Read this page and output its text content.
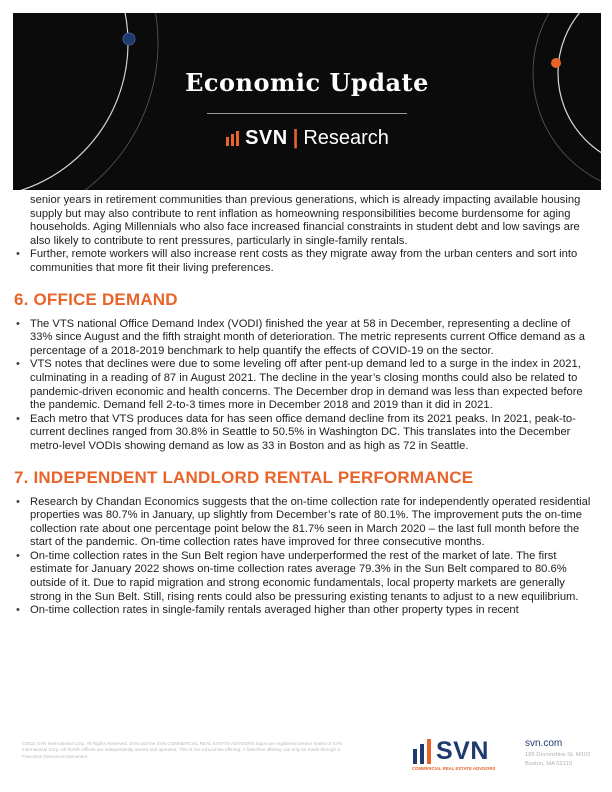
Economic Update
SVN | Research

senior years in retirement communities than previous generations, which is already impacting available housing supply but may also contribute to rent inflation as homeowning responsibilities become burdensome for aging households. Aging Millennials who also face increased financial constraints in student debt and low savings are also likely to contribute to rent pressures, particularly in single-family rentals.

• Further, remote workers will also increase rent costs as they migrate away from the urban centers and sort into communities that more fit their living preferences.
6. OFFICE DEMAND
• The VTS national Office Demand Index (VODI) finished the year at 58 in December, representing a decline of 33% since August and the fifth straight month of deterioration. The metric represents current Office demand as a percentage of a 2018-2019 benchmark to help quantify the effects of COVID-19 on the sector.
• VTS notes that declines were due to some leveling off after pent-up demand led to a surge in the index in 2021, culminating in a reading of 87 in August 2021. The decline in the year’s closing months could also be related to pandemic-driven economic and health concerns. The December drop in demand was less than expected before the pandemic. Demand fell 2-to-3 times more in December 2018 and 2019 than it did in 2021.
• Each metro that VTS produces data for has seen office demand decline from its 2021 peaks. In 2021, peak-to-current declines ranged from 30.8% in Seattle to 50.5% in Washington DC. This translates into the December metro-level VODIs showing demand as low as 33 in Boston and as high as 72 in Seattle.
7. INDEPENDENT LANDLORD RENTAL PERFORMANCE
• Research by Chandan Economics suggests that the on-time collection rate for independently operated residential properties was 80.7% in January, up slightly from December’s rate of 80.1%. The improvement puts the on-time collection rate about one percentage point below the 81.7% seen in March 2020 – the last full month before the start of the pandemic. On-time collection rates have improved for three consecutive months.
• On-time collection rates in the Sun Belt region have underperformed the rest of the market of late. The first estimate for January 2022 shows on-time collection rates average 79.3% in the Sun Belt compared to 80.6% outside of it. Due to rapid migration and strong economic fundamentals, local property markets are generally strong in the Sun Belt. Still, rising rents could also be pressuring existing tenants to adjust to a new equilibrium.
• On-time collection rates in single-family rentals averaged higher than other property types in recent
©2022 SVN International Corp. All Rights Reserved. SVN and the SVN COMMERCIAL REAL ESTATE ADVISORS logos are registered service marks of SVN International Corp. All SVN® Offices are independently owned and operated. This is not a franchise offering. A franchise offering can only be made through a Franchise Disclosure Document.	SVN
COMMERCIAL REAL ESTATE ADVISORS
svn.com
185 Devonshire St. M102
Boston, MA 02110
